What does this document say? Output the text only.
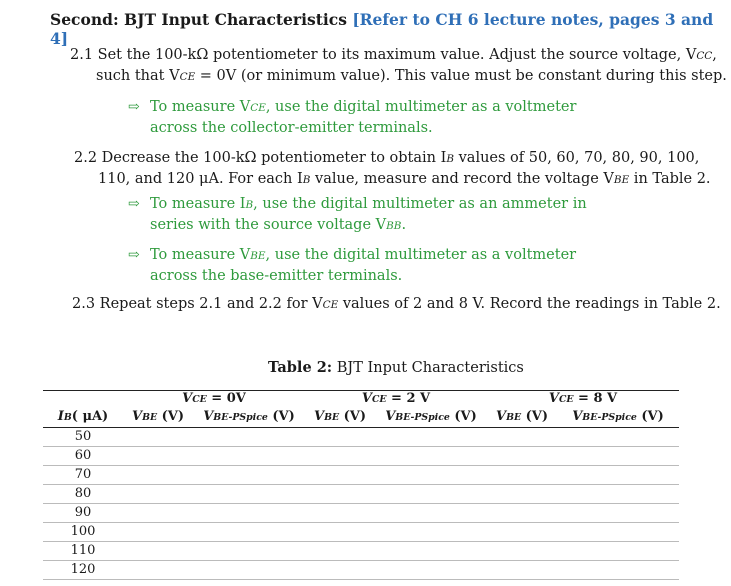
Second: BJT Input Characteristics [Refer to CH 6 lecture notes, pages 3 and 4]
2.1 Set the 100-kΩ potentiometer to its maximum value. Adjust the source voltage, VCC,
such that VCE = 0V (or minimum value). This value must be constant during this step.
⇨ To measure VCE, use the digital multimeter as a voltmeter
across the collector-emitter terminals.
2.2 Decrease the 100-kΩ potentiometer to obtain IB values of 50, 60, 70, 80, 90, 100,
110, and 120 μA. For each IB value, measure and record the voltage VBE in Table 2.
⇨ To measure IB, use the digital multimeter as an ammeter in
series with the source voltage VBB.
⇨ To measure VBE, use the digital multimeter as a voltmeter
across the base-emitter terminals.
2.3 Repeat steps 2.1 and 2.2 for VCE values of 2 and 8 V. Record the readings in Table 2.
Table 2: BJT Input Characteristics
	VCE = 0V		VCE = 2 V		VCE = 8 V	
IB( μA)	VBE (V)	VBE-PSpice (V)	VBE (V)	VBE-PSpice (V)	VBE (V)	VBE-PSpice (V)
50						
60						
70						
80						
90						
100						
110						
120						
